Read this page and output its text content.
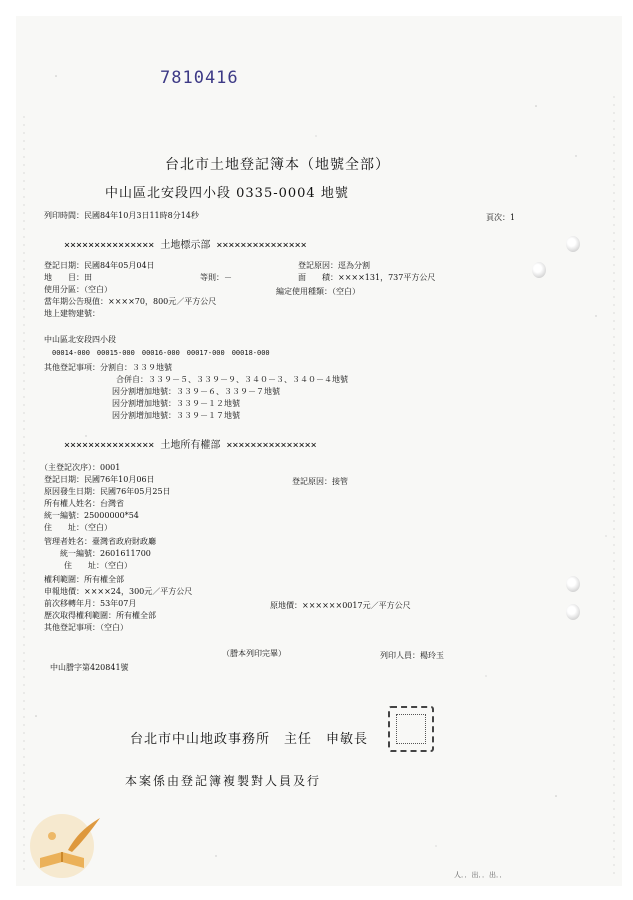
7810416
台北市土地登記簿本（地號全部）
中山區北安段四小段 0335-0004 地號
列印時間：民國84年10月3日11時8分14秒	頁次：1
××××××××××××××× 土地標示部 ×××××××××××××××
登記日期：民國84年05月04日	登記原因：逕為分割
地　　目：田	等則：－	面　　積：××××131，737平方公尺
使用分區：（空白）	編定使用種類：（空白）
當年期公告現值：××××70，800元／平方公尺
地上建物建號：
中山區北安段四小段
00014-000　00015-000　00016-000　00017-000　00018-000
其他登記事項：分割自：３３９地號
合併自：３３９－５、３３９－９、３４０－３、３４０－４地號
因分割增加地號：３３９－６、３３９－７地號
因分割增加地號：３３９－１２地號
因分割增加地號：３３９－１７地號
××××××××××××××× 土地所有權部 ×××××××××××××××
（主登記次序）：0001
登記日期：民國76年10月06日	登記原因：接管
原因發生日期：民國76年05月25日
所有權人姓名：台灣省
統一編號：25000000*54
住　　址：（空白）
管理者姓名：臺灣省政府財政廳
統一編號：2601611700
住　　址：（空白）
權利範圍：所有權全部
申報地價：××××24，300元／平方公尺
前次移轉年月：53年07月	原地價：××××××0017元／平方公尺
歷次取得權利範圍：所有權全部
其他登記事項：（空白）
（謄本列印完畢）	列印人員：楊玲玉
中山謄字第420841號
台北市中山地政事務所　主任　申敏長
本案係由登記簿複製對人員及行
人．．出．．出．．
